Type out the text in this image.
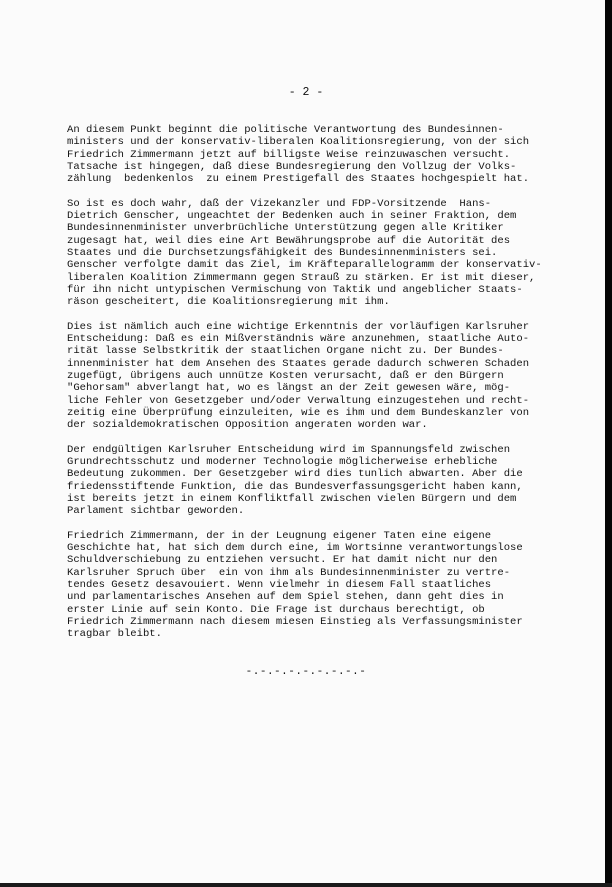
- 2 -
An diesem Punkt beginnt die politische Verantwortung des Bundesinnen-
ministers und der konservativ-liberalen Koalitionsregierung, von der sich
Friedrich Zimmermann jetzt auf billigste Weise reinzuwaschen versucht.
Tatsache ist hingegen, daß diese Bundesregierung den Vollzug der Volks-
zählung  bedenkenlos  zu einem Prestigefall des Staates hochgespielt hat.
So ist es doch wahr, daß der Vizekanzler und FDP-Vorsitzende  Hans-
Dietrich Genscher, ungeachtet der Bedenken auch in seiner Fraktion, dem
Bundesinnenminister unverbrüchliche Unterstützung gegen alle Kritiker
zugesagt hat, weil dies eine Art Bewährungsprobe auf die Autorität des
Staates und die Durchsetzungsfähigkeit des Bundesinnenministers sei.
Genscher verfolgte damit das Ziel, im Kräfteparallelogramm der konservativ-
liberalen Koalition Zimmermann gegen Strauß zu stärken. Er ist mit dieser,
für ihn nicht untypischen Vermischung von Taktik und angeblicher Staats-
räson gescheitert, die Koalitionsregierung mit ihm.
Dies ist nämlich auch eine wichtige Erkenntnis der vorläufigen Karlsruher
Entscheidung: Daß es ein Mißverständnis wäre anzunehmen, staatliche Auto-
rität lasse Selbstkritik der staatlichen Organe nicht zu. Der Bundes-
innenminister hat dem Ansehen des Staates gerade dadurch schweren Schaden
zugefügt, übrigens auch unnütze Kosten verursacht, daß er den Bürgern
"Gehorsam" abverlangt hat, wo es längst an der Zeit gewesen wäre, mög-
liche Fehler von Gesetzgeber und/oder Verwaltung einzugestehen und recht-
zeitig eine Überprüfung einzuleiten, wie es ihm und dem Bundeskanzler von
der sozialdemokratischen Opposition angeraten worden war.
Der endgültigen Karlsruher Entscheidung wird im Spannungsfeld zwischen
Grundrechtsschutz und moderner Technologie möglicherweise erhebliche
Bedeutung zukommen. Der Gesetzgeber wird dies tunlich abwarten. Aber die
friedensstiftende Funktion, die das Bundesverfassungsgericht haben kann,
ist bereits jetzt in einem Konfliktfall zwischen vielen Bürgern und dem
Parlament sichtbar geworden.
Friedrich Zimmermann, der in der Leugnung eigener Taten eine eigene
Geschichte hat, hat sich dem durch eine, im Wortsinne verantwortungslose
Schuldverschiebung zu entziehen versucht. Er hat damit nicht nur den
Karlsruher Spruch über  ein von ihm als Bundesinnenminister zu vertre-
tendes Gesetz desavouiert. Wenn vielmehr in diesem Fall staatliches
und parlamentarisches Ansehen auf dem Spiel stehen, dann geht dies in
erster Linie auf sein Konto. Die Frage ist durchaus berechtigt, ob
Friedrich Zimmermann nach diesem miesen Einstieg als Verfassungsminister
tragbar bleibt.
-.-.-.-.-.-.-.-.-
